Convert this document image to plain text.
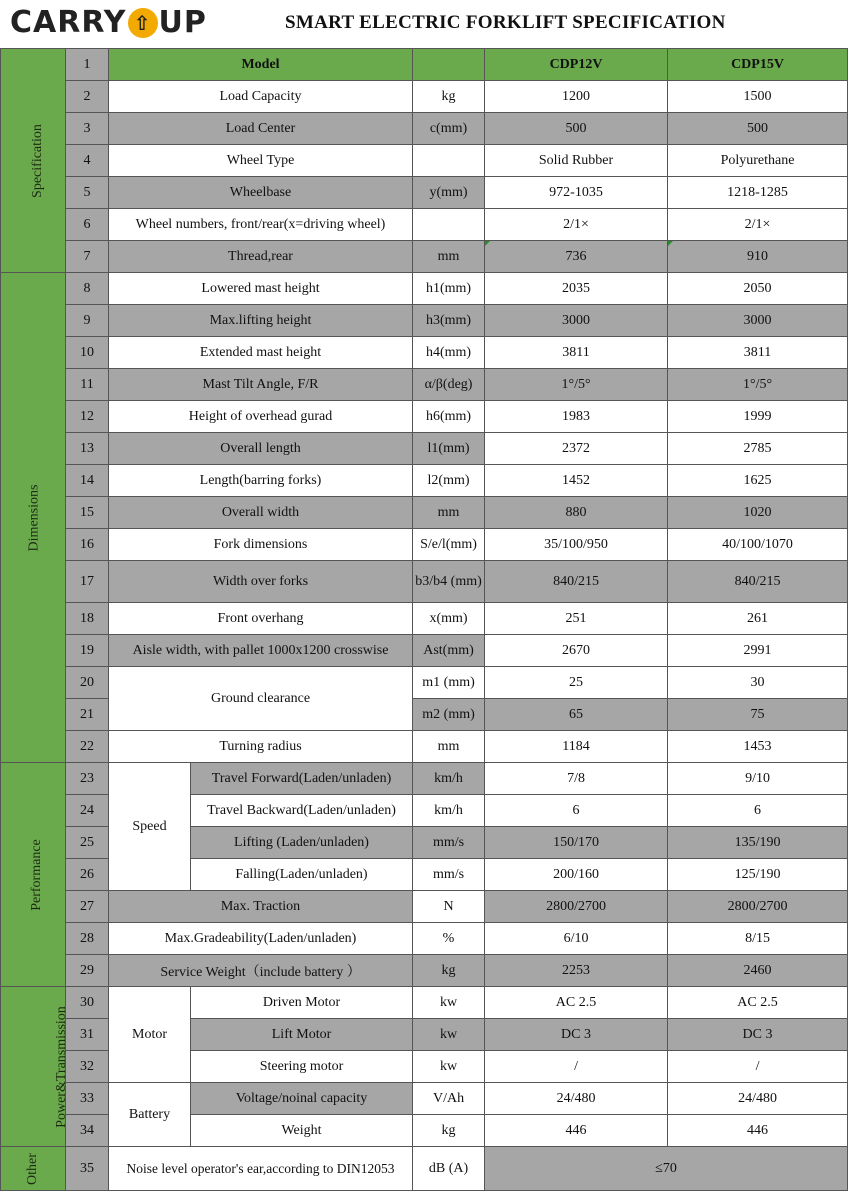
CARRY ⇧ UP	SMART ELECTRIC FORKLIFT SPECIFICATION
Specification	1	Model			CDP12V	CDP15V
	2	Load Capacity		kg	1200	1500
	3	Load Center		c(mm)	500	500
	4	Wheel Type			Solid Rubber	Polyurethane
	5	Wheelbase		y(mm)	972-1035	1218-1285
	6	Wheel numbers, front/rear(x=driving wheel)			2/1×	2/1×
	7	Thread,rear		mm	736	910
Dimensions	8	Lowered mast height		h1(mm)	2035	2050
	9	Max.lifting height		h3(mm)	3000	3000
	10	Extended mast height		h4(mm)	3811	3811
	11	Mast Tilt Angle, F/R		α/β(deg)	1°/5°	1°/5°
	12	Height of overhead gurad		h6(mm)	1983	1999
	13	Overall length		l1(mm)	2372	2785
	14	Length(barring forks)		l2(mm)	1452	1625
	15	Overall width		mm	880	1020
	16	Fork dimensions		S/e/l(mm)	35/100/950	40/100/1070
	17	Width over forks		b3/b4 (mm)	840/215	840/215
	18	Front overhang		x(mm)	251	261
	19	Aisle width, with pallet 1000x1200 crosswise		Ast(mm)	2670	2991
	20	Ground clearance		m1 (mm)	25	30
	21			m2 (mm)	65	75
	22	Turning radius		mm	1184	1453
Performance	23	Speed	Travel Forward(Laden/unladen)	km/h	7/8	9/10
	24		Travel Backward(Laden/unladen)	km/h	6	6
	25		Lifting (Laden/unladen)	mm/s	150/170	135/190
	26		Falling(Laden/unladen)	mm/s	200/160	125/190
	27	Max. Traction		N	2800/2700	2800/2700
	28	Max.Gradeability(Laden/unladen)		%	6/10	8/15
	29	Service Weight（include battery ）		kg	2253	2460
Power&Transmission	30	Motor	Driven Motor	kw	AC 2.5	AC 2.5
	31		Lift Motor	kw	DC 3	DC 3
	32		Steering motor	kw	/	/
	33	Battery	Voltage/noinal capacity	V/Ah	24/480	24/480
	34		Weight	kg	446	446
Other	35	Noise level operator's ear,according to DIN12053		dB (A)	≤70	
